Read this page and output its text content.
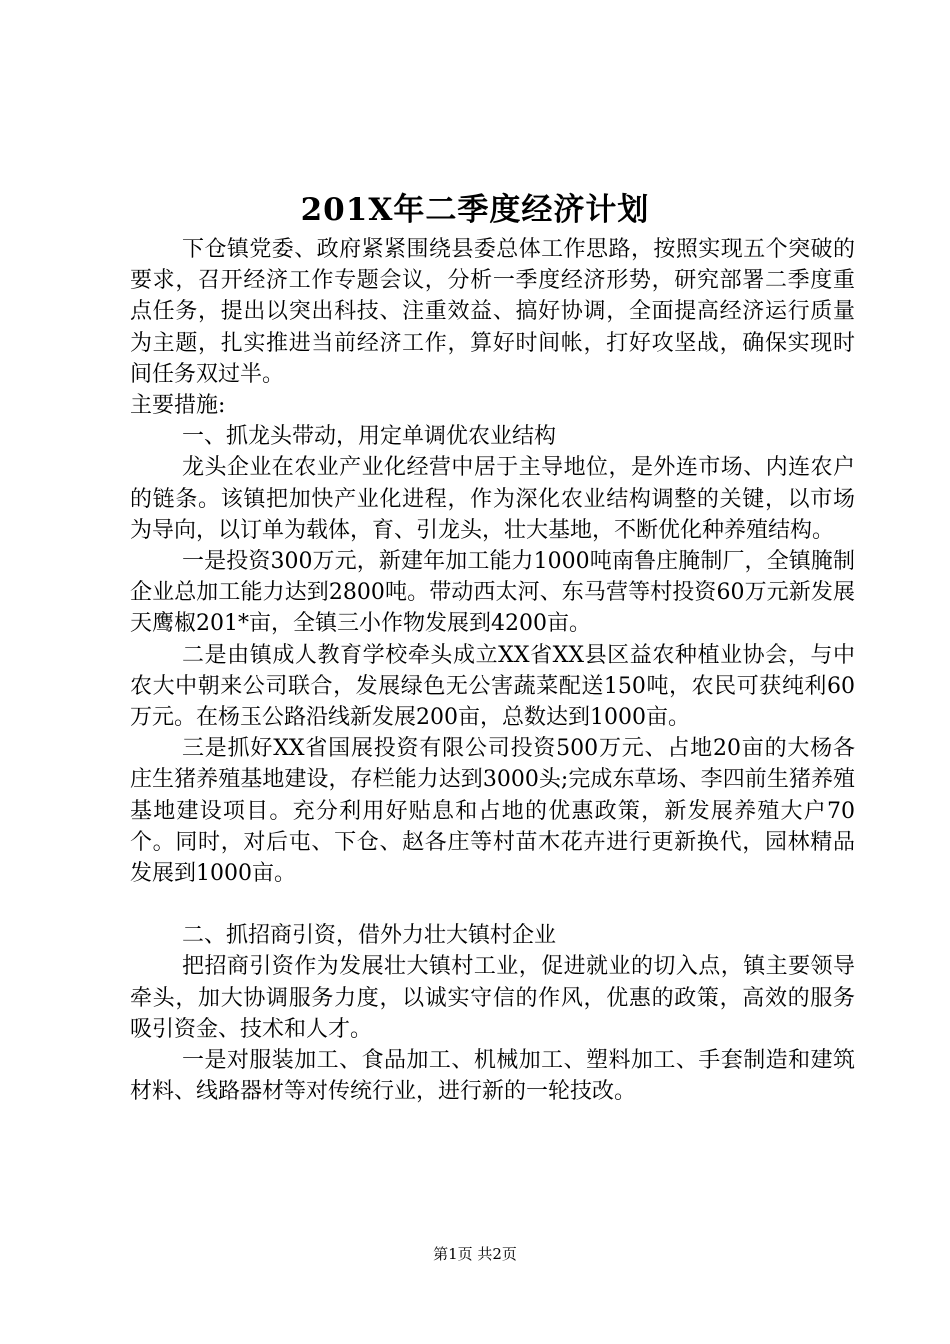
201X年二季度经济计划

下仓镇党委、政府紧紧围绕县委总体工作思路，按照实现五个突破的要求，召开经济工作专题会议，分析一季度经济形势，研究部署二季度重点任务，提出以突出科技、注重效益、搞好协调，全面提高经济运行质量为主题，扎实推进当前经济工作，算好时间帐，打好攻坚战，确保实现时间任务双过半。

主要措施:

一、抓龙头带动，用定单调优农业结构

龙头企业在农业产业化经营中居于主导地位，是外连市场、内连农户的链条。该镇把加快产业化进程，作为深化农业结构调整的关键，以市场为导向，以订单为载体，育、引龙头，壮大基地，不断优化种养殖结构。

一是投资300万元，新建年加工能力1000吨南鲁庄腌制厂，全镇腌制企业总加工能力达到2800吨。带动西太河、东马营等村投资60万元新发展天鹰椒201*亩，全镇三小作物发展到4200亩。

二是由镇成人教育学校牵头成立XX省XX县区益农种植业协会，与中农大中朝来公司联合，发展绿色无公害蔬菜配送150吨，农民可获纯利60万元。在杨玉公路沿线新发展200亩，总数达到1000亩。

三是抓好XX省国展投资有限公司投资500万元、占地20亩的大杨各庄生猪养殖基地建设，存栏能力达到3000头;完成东草场、李四前生猪养殖基地建设项目。充分利用好贴息和占地的优惠政策，新发展养殖大户70个。同时，对后屯、下仓、赵各庄等村苗木花卉进行更新换代，园林精品发展到1000亩。

二、抓招商引资，借外力壮大镇村企业

把招商引资作为发展壮大镇村工业，促进就业的切入点，镇主要领导牵头，加大协调服务力度，以诚实守信的作风，优惠的政策，高效的服务吸引资金、技术和人才。

一是对服装加工、食品加工、机械加工、塑料加工、手套制造和建筑材料、线路器材等对传统行业，进行新的一轮技改。

第1页 共2页
